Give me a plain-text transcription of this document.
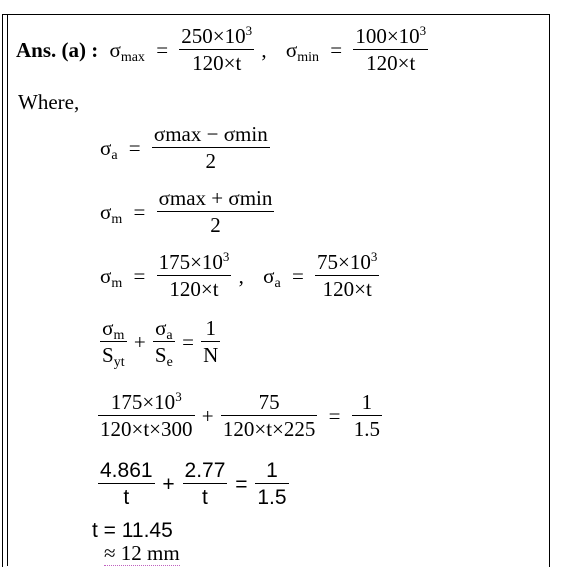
Ans. (a) : $\sigma\max = \frac{250\times 10^3}{120\times t}$ , $\sigma\min = \frac{100\times 10^3}{120\times t}$
Where,
$\sigma a = \frac{\sigma\max - \sigma\min}{2}$
$\sigma m = \frac{\sigma\max + \sigma\min}{2}$
$\sigma m = \frac{175\times 10^3}{120\times t}$ , $\sigma a = \frac{75\times 10^3}{120\times t}$
$\frac{\sigma m}{\text{Syt}} + \frac{\sigma a}{Se} = \frac{1}{N}$
$\frac{175\times 10^3}{120\times t\times 300} + \frac{75}{120\times t\times 225} = \frac{1}{1.5}$
$\frac{4.861}{t} + \frac{2.77}{t} = \frac{1}{1.5}$
t = 11.45
≈ 12 mm
